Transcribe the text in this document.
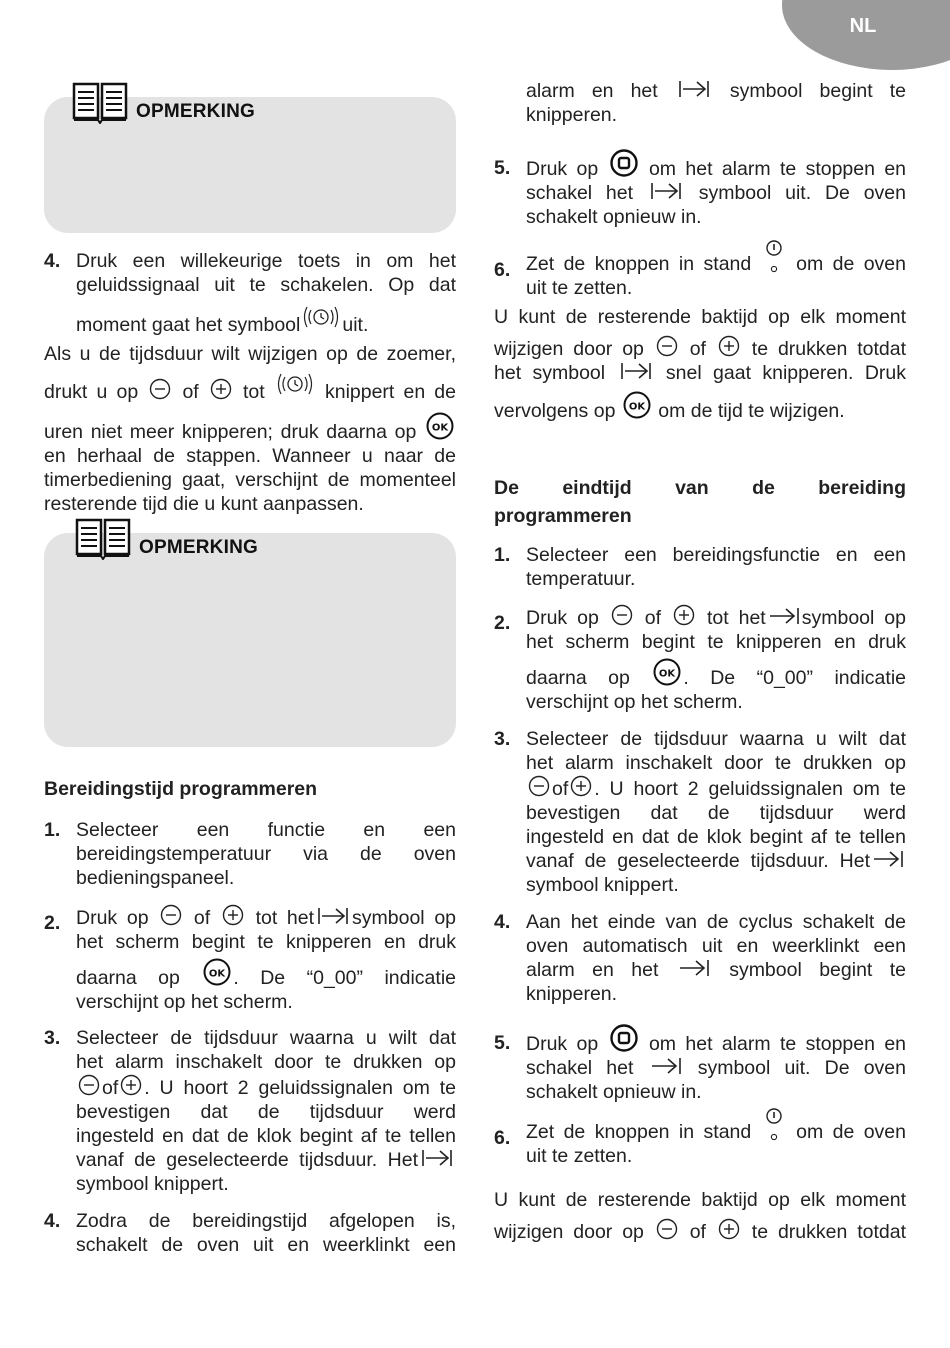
NL
OPMERKING
4. Druk een willekeurige toets in om het
geluidssignaal uit te schakelen. Op dat
moment gaat het symbool uit.
Als u de tijdsduur wilt wijzigen op de zoemer,
drukt u op of tot	knippert en de
uren niet meer knipperen; druk daarna op OK
en herhaal de stappen. Wanneer u naar de
timerbediening gaat, verschijnt de momenteel
resterende tijd die u kunt aanpassen.
OPMERKING
Bereidingstijd programmeren
1. Selecteer een functie en een
bereidingstemperatuur via de oven
bedieningspaneel.
2. Druk op of tot het symbool op
het scherm begint te knipperen en druk
daarna op	OK . De “0_00” indicatie
verschijnt op het scherm.
3. Selecteer de tijdsduur waarna u wilt dat
het alarm inschakelt door te drukken op
of . U hoort 2 geluidssignalen om te
bevestigen dat de tijdsduur werd
ingesteld en dat de klok begint af te tellen
vanaf de geselecteerde tijdsduur. Het
symbool knippert.
4. Zodra de bereidingstijd afgelopen is,
schakelt de oven uit en weerklinkt een
alarm en het	symbool begint te
knipperen.
5. Druk op	om het alarm te stoppen en
schakel het	symbool uit. De oven
schakelt opnieuw in.
6. Zet de knoppen in stand om de oven
uit te zetten.
U kunt de resterende baktijd op elk moment
wijzigen door op of te drukken totdat
het symbool	snel gaat knipperen. Druk
vervolgens op OK om de tijd te wijzigen.
De eindtijd van de bereiding
programmeren
1. Selecteer een bereidingsfunctie en een
temperatuur.
2. Druk op of tot het symbool op
het scherm begint te knipperen en druk
daarna op	OK . De “0_00” indicatie
verschijnt op het scherm.
3. Selecteer de tijdsduur waarna u wilt dat
het alarm inschakelt door te drukken op
of . U hoort 2 geluidssignalen om te
bevestigen dat de tijdsduur werd
ingesteld en dat de klok begint af te tellen
vanaf de geselecteerde tijdsduur. Het
symbool knippert.
4. Aan het einde van de cyclus schakelt de
oven automatisch uit en weerklinkt een
alarm en het	symbool begint te
knipperen.
5. Druk op	om het alarm te stoppen en
schakel het	symbool uit. De oven
schakelt opnieuw in.
6. Zet de knoppen in stand om de oven
uit te zetten.
U kunt de resterende baktijd op elk moment
wijzigen door op of te drukken totdat
